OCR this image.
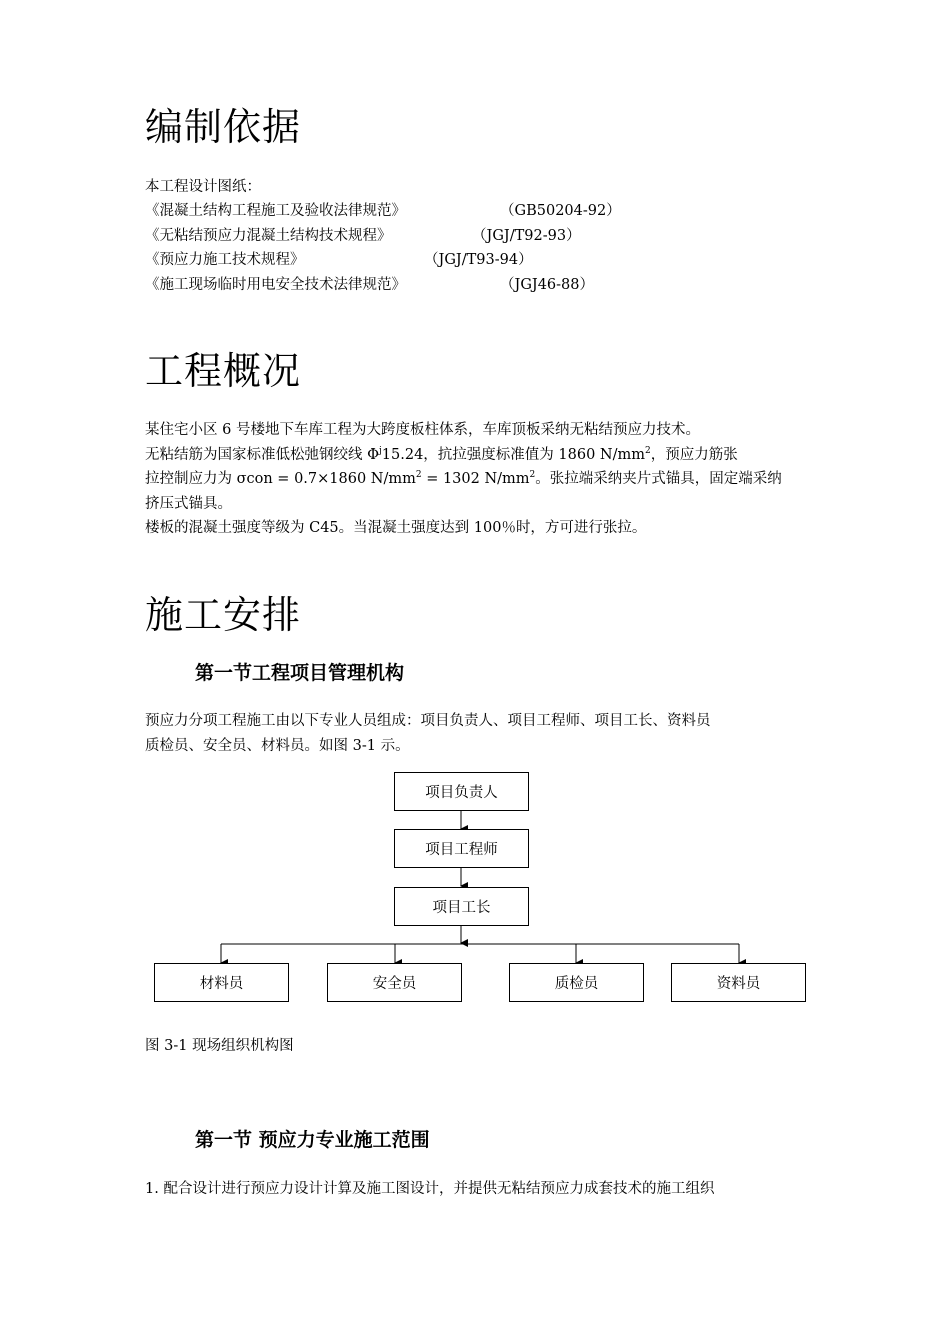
编制依据
本工程设计图纸：
《混凝土结构工程施工及验收法律规范》	（GB50204-92）
《无粘结预应力混凝土结构技术规程》	（JGJ/T92-93）
《预应力施工技术规程》	（JGJ/T93-94）
《施工现场临时用电安全技术法律规范》	（JGJ46-88）
工程概况
某住宅小区 6 号楼地下车库工程为大跨度板柱体系，车库顶板采纳无粘结预应力技术。
无粘结筋为国家标准低松弛钢绞线 $\Phi^j15.24$，抗拉强度标准值为 1860 $N/mm^2$，预应力筋张
拉控制应力为 σcon = 0.7×1860 $N/mm^2 = 1302$ $N/mm^2$。张拉端采纳夹片式锚具，固定端采纳
挤压式锚具。
楼板的混凝土强度等级为 C45。当混凝土强度达到 100％时，方可进行张拉。
施工安排
第一节工程项目管理机构
预应力分项工程施工由以下专业人员组成：项目负责人、项目工程师、项目工长、资料员
质检员、安全员、材料员。如图 3-1 示。
项目负责人
项目工程师
项目工长
材料员	安全员	质检员	资料员
图 3-1 现场组织机构图
第一节 预应力专业施工范围
1. 配合设计进行预应力设计计算及施工图设计，并提供无粘结预应力成套技术的施工组织
